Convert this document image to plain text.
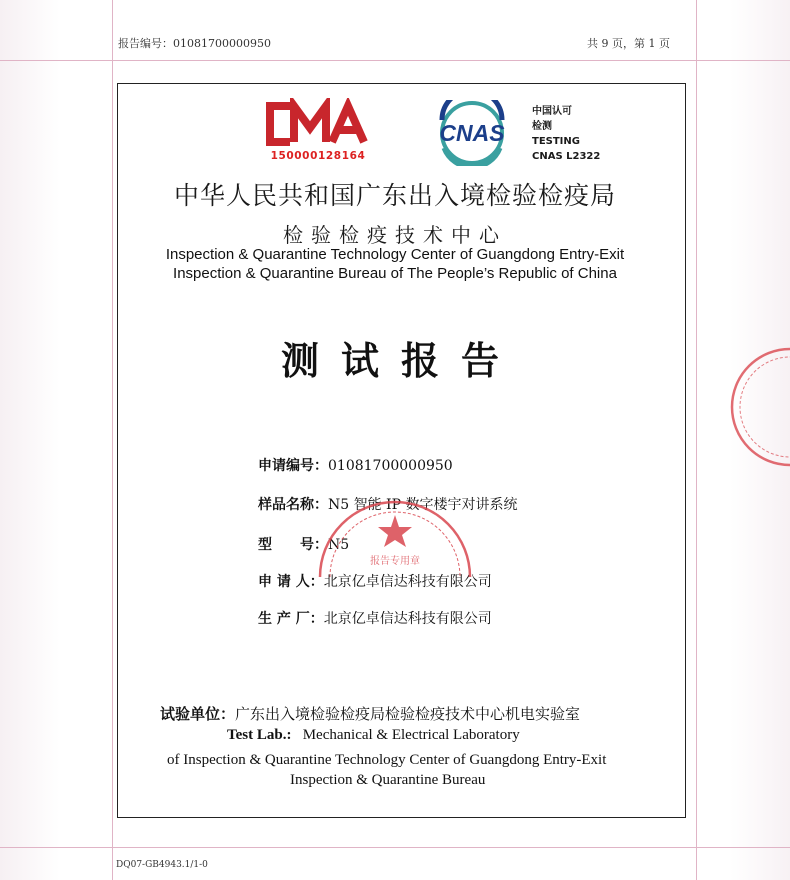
报告编号：01081700000950	共 9 页，第 1 页
150000128164
CNAS
中国认可
检测
TESTING
CNAS L2322
中华人民共和国广东出入境检验检疫局
检验检疫技术中心
Inspection & Quarantine Technology Center of Guangdong Entry-Exit
Inspection & Quarantine Bureau of The People’s Republic of China
测试报告
申请编号：01081700000950
样品名称：N5 智能 IP 数字楼宇对讲系统
型　　号：N5
申 请 人：北京亿卓信达科技有限公司
生 产 厂：北京亿卓信达科技有限公司
报告专用章
试验单位：广东出入境检验检疫局检验检疫技术中心机电实验室
Test Lab.: Mechanical & Electrical Laboratory
of Inspection & Quarantine Technology Center of Guangdong Entry-Exit
Inspection & Quarantine Bureau
DQ07-GB4943.1/1-0
